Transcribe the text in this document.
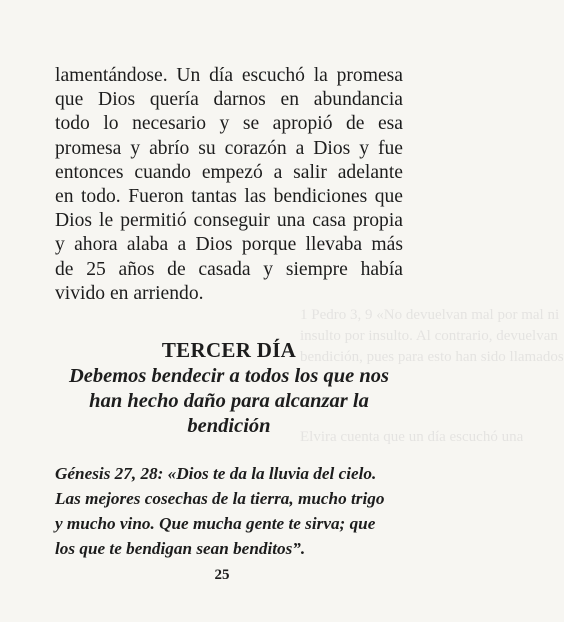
1 Pedro 3, 9 «No devuelvan mal por mal ni
insulto por insulto. Al contrario, devuelvan
bendición, pues para esto han sido llamados
Elvira cuenta que un día escuchó una
lamentándose. Un día escuchó la promesa
que Dios quería darnos en abundancia
todo lo necesario y se apropió de esa
promesa y abrío su corazón a Dios y fue
entonces cuando empezó a salir adelante
en todo. Fueron tantas las bendiciones que
Dios le permitió conseguir una casa propia
y ahora alaba a Dios porque llevaba más
de 25 años de casada y siempre había
vivido en arriendo.
TERCER DÍA
Debemos bendecir a todos los que nos
han hecho daño para alcanzar la
bendición
Génesis 27, 28: «Dios te da la lluvia del cielo.
Las mejores cosechas de la tierra, mucho trigo
y mucho vino. Que mucha gente te sirva; que
los que te bendigan sean benditos”.
25
